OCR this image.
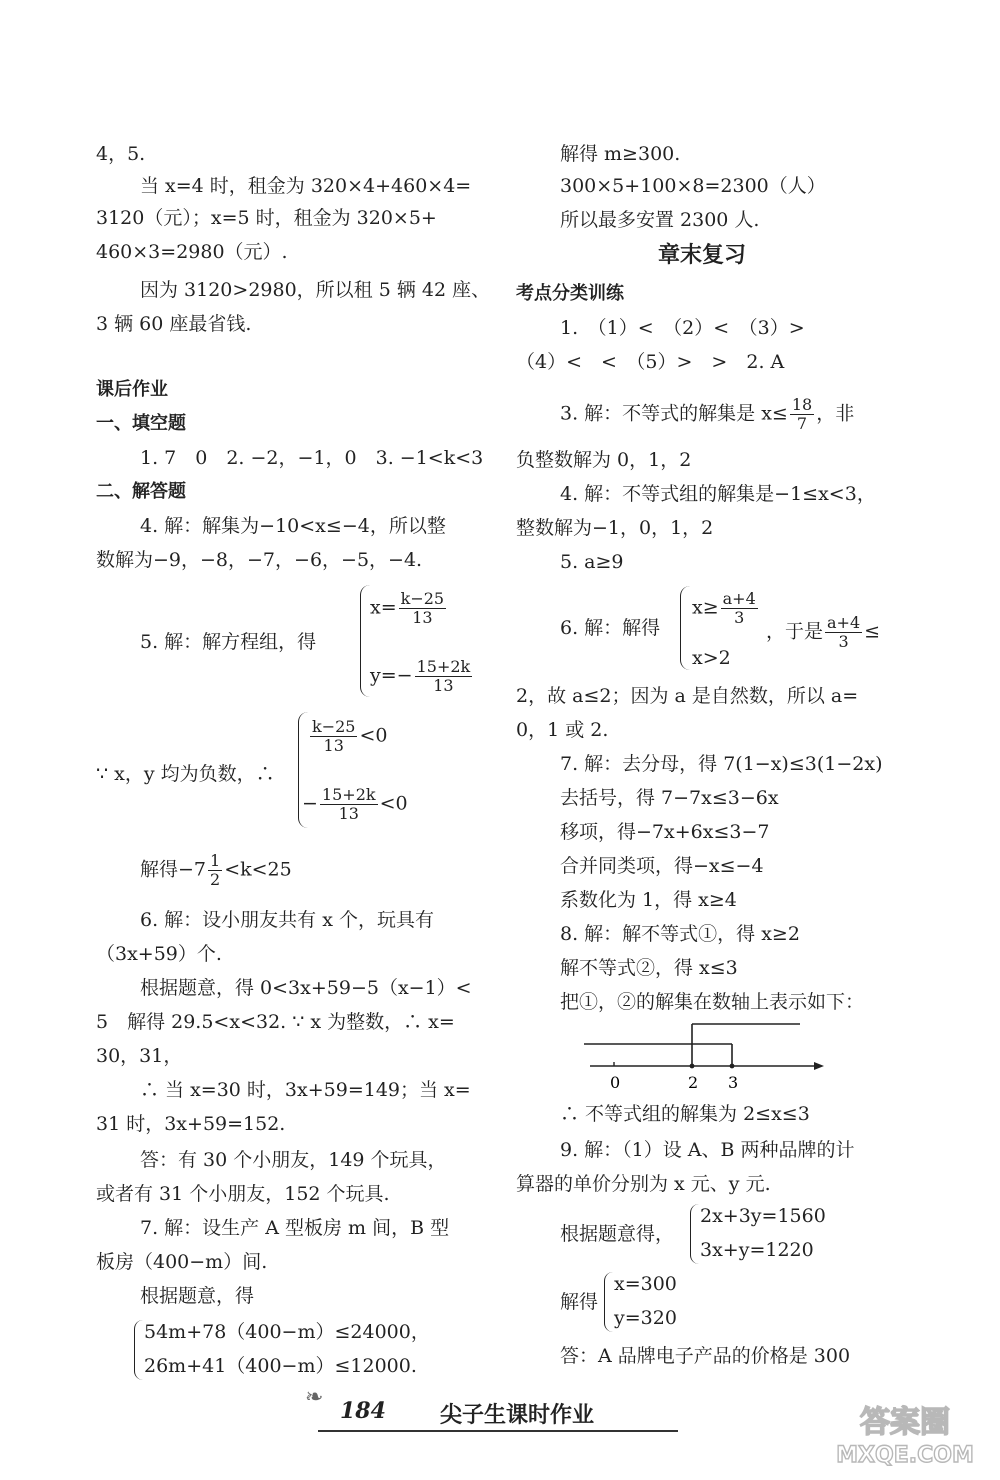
4，5.
当 x=4 时，租金为 320×4+460×4=
3120（元）；x=5 时，租金为 320×5+
460×3=2980（元）.
因为 3120>2980，所以租 5 辆 42 座、
3 辆 60 座最省钱.
课后作业
一、填空题
1. 7　0　2. −2，−1，0　3. −1<k<3
二、解答题
4. 解：解集为−10<x≤−4，所以整
数解为−9，−8，−7，−6，−5，−4.
5. 解：解方程组，得
$x= \frac{k-25}{13}$
$y=- \frac{15+2k}{13}$
∵ x，y 均为负数，∴
$\frac{k-25}{13} <0$
− $\frac{15+2k}{13} <0$
解得$-7 \frac{1}{2} <k<25$
6. 解：设小朋友共有 x 个，玩具有
（3x+59）个.
根据题意，得 0<3x+59−5（x−1）<
5　解得 29.5<x<32. ∵ x 为整数，∴ x=
30，31，
∴ 当 x=30 时，3x+59=149；当 x=
31 时，3x+59=152.
答：有 30 个小朋友，149 个玩具，
或者有 31 个小朋友，152 个玩具.
7. 解：设生产 A 型板房 m 间，B 型
板房（400−m）间.
根据题意，得
54m+78（400−m）≤24000，
26m+41（400−m）≤12000.
解得 m≥300.
300×5+100×8=2300（人）
所以最多安置 2300 人.
章末复习
考点分类训练
1.　（1）<　（2）<　（3）>
（4）<　<　（5）>　>　2. A
3. 解：不等式的解集是 $x\le \frac{18}{7}$ ，非
负整数解为 0，1，2
4. 解：不等式组的解集是−1≤x<3，
整数解为−1，0，1，2
5. a≥9
6. 解：解得
$x\ge \frac{a+4}{3}$
x>2
，于是 $\frac{a+4}{3}$ ≤
2，故 a≤2；因为 a 是自然数，所以 a=
0，1 或 2.
7. 解：去分母，得 7(1−x)≤3(1−2x)
去括号，得 7−7x≤3−6x
移项，得−7x+6x≤3−7
合并同类项，得−x≤−4
系数化为 1，得 x≥4
8. 解：解不等式①，得 x≥2
解不等式②，得 x≤3
把①，②的解集在数轴上表示如下：
0	2 3
∴ 不等式组的解集为 2≤x≤3
9. 解：（1）设 A、B 两种品牌的计
算器的单价分别为 x 元、y 元.
根据题意得，
2x+3y=1560
3x+y=1220
解得
x=300
y=320
答：A 品牌电子产品的价格是 300
❧
184 尖子生课时作业	答案圈
MXQE.COM
